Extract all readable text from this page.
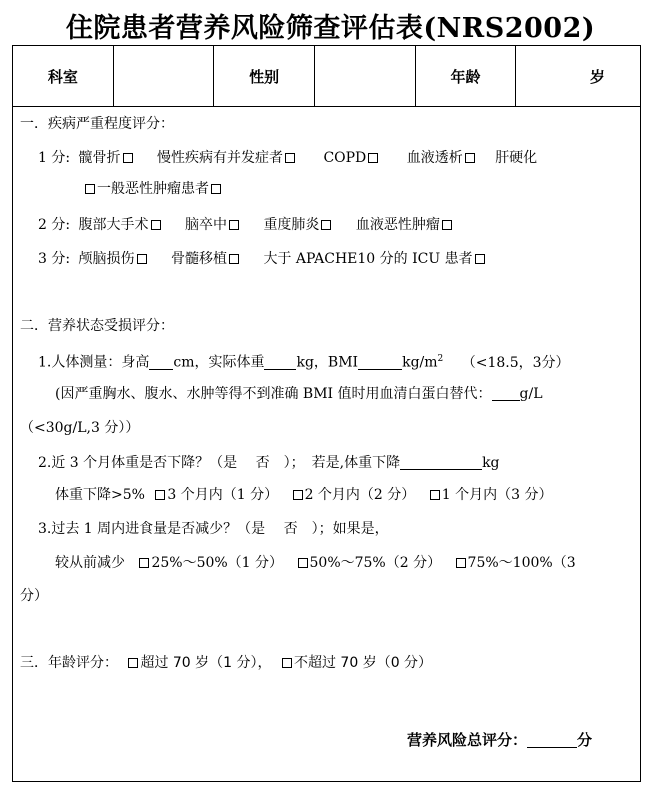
住院患者营养风险筛查评估表(NRS2002)
科室	性别	年龄	岁
一．疾病严重程度评分：
1 分: 髋骨折	慢性疾病有并发症者	COPD	血液透析 肝硬化
一般恶性肿瘤患者
2 分: 腹部大手术	脑卒中	重度肺炎	血液恶性肿瘤
3 分: 颅脑损伤	骨髓移植	大于 APACHE10 分的 ICU 患者
二．营养状态受损评分：
1.人体测量：身高 cm，实际体重 kg，BMI	$kg/m^2$ （<18.5，3分）
(因严重胸水、腹水、水肿等得不到准确 BMI 值时用血清白蛋白替代： g/L
（<30g/L,3 分））
2.近 3 个月体重是否下降？（是　 否　）；　若是,体重下降	kg
体重下降>5% 3 个月内（1 分） 2 个月内（2 分） 1 个月内（3 分）
3.过去 1 周内进食量是否减少？（是　 否　）；如果是，
较从前减少 25%～50%（1 分） 50%～75%（2 分） 75%～100%（3
分）
三．年龄评分： 超过 70 岁（1 分）， 不超过 70 岁（0 分）
营养风险总评分：	分
